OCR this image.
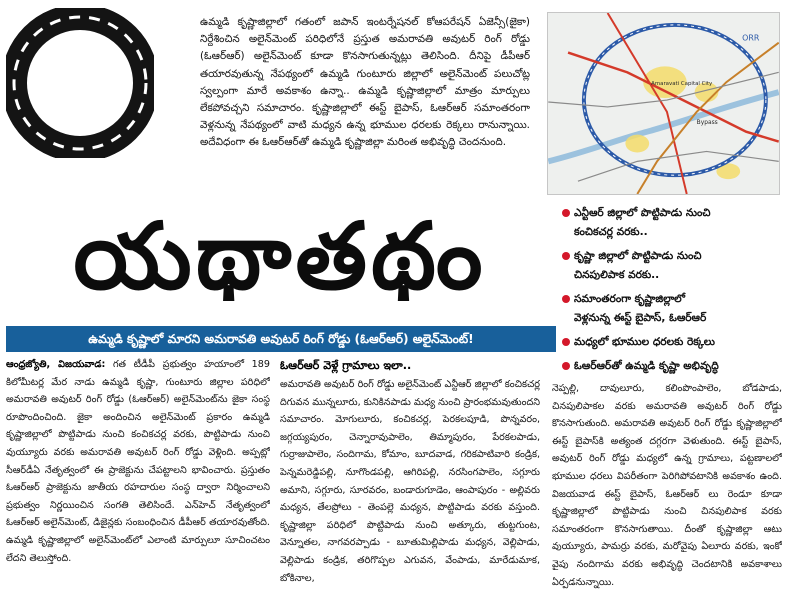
ఉమ్మడి కృష్ణాజిల్లాలో గతంలో జపాన్ ఇంటర్నేషనల్ కోఆపరేషన్ ఏజెన్సీ(జైకా) నిర్దేశించిన అలైన్‌మెంట్ పరిధిలోనే ప్రస్తుత అమరావతి అవుటర్ రింగ్ రోడ్డు (ఓఆర్ఆర్) అలైన్‌మెంట్ కూడా కొనసాగుతున్నట్లు తెలిసింది. దీనిపై డీపీఆర్ తయారవుతున్న నేపథ్యంలో ఉమ్మడి గుంటూరు జిల్లాలో అలైన్‌మెంట్ పలుచోట్ల స్వల్పంగా మారే అవకాశం ఉన్నా.. ఉమ్మడి కృష్ణాజిల్లాలో మాత్రం మార్పులు లేకపోవచ్చని సమాచారం. కృష్ణాజిల్లాలో ఈస్ట్ బైపాస్, ఓఆర్ఆర్ సమాంతరంగా వెళ్లనున్న నేపథ్యంలో వాటి మధ్యన ఉన్న భూముల ధరలకు రెక్కలు రానున్నాయి. అదేవిధంగా ఈ ఓఆర్ఆర్‌తో ఉమ్మడి కృష్ణాజిల్లా మరింత అభివృద్ధి చెందనుంది.
ORR
Amaravati Capital City
Bypass
యథాతథం	ఎన్టీఆర్ జిల్లాలో పొట్టిపాడు నుంచి
కంచికచర్ల వరకు..
కృష్ణా జిల్లాలో పొట్టిపాడు నుంచి
చినపులిపాక వరకు..
సమాంతరంగా కృష్ణాజిల్లాలో
వెళ్లనున్న ఈస్ట్ బైపాస్, ఓఆర్ఆర్
మధ్యలో భూముల ధరలకు రెక్కలు
ఓఆర్ఆర్‌తో ఉమ్మడి కృష్ణా అభివృద్ధి
ఉమ్మడి కృష్ణాలో మారని అమరావతి అవుటర్ రింగ్ రోడ్డు (ఓఆర్ఆర్) అలైన్‌మెంట్!
ఆంధ్రజ్యోతి, విజయవాడ: గత టీడీపీ ప్రభుత్వం హయాంలో 189 కిలోమీటర్ల మేర నాడు ఉమ్మడి కృష్ణా, గుంటూరు జిల్లాల పరిధిలో అమరావతి అవుటర్ రింగ్ రోడ్డు (ఓఆర్ఆర్) అలైన్‌మెంట్‌ను జైకా సంస్థ రూపొందించింది. జైకా అందించిన అలైన్‌మెంట్ ప్రకారం ఉమ్మడి కృష్ణాజిల్లాలో పొట్టిపాడు నుంచి కంచికచర్ల వరకు, పొట్టిపాడు నుంచి వుయ్యూరు వరకు అమరావతి అవుటర్ రింగ్ రోడ్డు వెళ్లింది. అప్పట్లో సీఆర్‌డీఏ నేతృత్వంలో ఈ ప్రాజెక్టును చేపట్టాలని భావించారు. ప్రస్తుతం ఓఆర్ఆర్ ప్రాజెక్టును జాతీయ రహదారుల సంస్థ ద్వారా నిర్మించాలని ప్రభుత్వం నిర్ణయించిన సంగతి తెలిసిందే. ఎన్‌హెచ్ నేతృత్వంలో ఓఆర్ఆర్ అలైన్‌మెంట్, డిజైన్లకు సంబంధించిన డీపీఆర్ తయారవుతోంది. ఉమ్మడి కృష్ణాజిల్లాలో అలైన్‌మెంట్‌లో ఎలాంటి మార్పులూ సూచించటం లేదని తెలుస్తోంది.
ఓఆర్ఆర్ వెళ్లే గ్రామాలు ఇలా..
అమరావతి అవుటర్ రింగ్ రోడ్డు అలైన్‌మెంట్ ఎన్టీఆర్ జిల్లాలో కంచికచర్ల దిగువన మున్నలూరు, కునికినపాడు మధ్య నుంచి ప్రారంభమవుతుందని సమాచారం. మోగులూరు, కంచికచర్ల, పెరకలపూడి, పొన్నవరం, జగ్గయ్యపురం, చెన్నారావుపాలెం, తిమ్మాపురం, పేరకలపాడు, గుర్రాజుపాలెం, సందిగామ, కోమాం, బూదవాడ, గరికపాటివారి కండ్రిక, పెన్నమరెడ్డిపల్లి, నూగొండపల్లి, ఆగిరిపల్లి, నరసింగపాలెం, సగ్గూరు అమాని, సగ్గూరు, సూరవరం, బండారుగూడెం, ఆంపాపురం - అల్లివరు మధ్యన, తేలప్రోలు - తెంపల్లె మధ్యన, పొట్టిపాడు వరకు వస్తుంది. కృష్ణాజిల్లా పరిధిలో పొట్టిపాడు నుంచి అత్కూరు, తుట్టగుంట, వెన్నూతల, నాగవరప్పాడు - బూతుమిల్లిపాడు మధ్యన, వెల్లిపాడు, వెల్లిపాడు కండ్రిక, తరిగొప్పల ఎగువన, వేంపాడు, మారేడుమాక, బోకినాల,
నెప్పల్లి, దావులూరు, కలింపొంపాలెం, బోడపాడు, చినపులిపాకల వరకు అమరావతి అవుటర్ రింగ్ రోడ్డు కొనసాగుతుంది. అమరావతి అవుటర్ రింగ్ రోడ్డు కృష్ణాజిల్లాలో ఈస్ట్ బైపాస్‌కి అత్యంత దగ్గరగా వెళుతుంది. ఈస్ట్ బైపాస్, అవుటర్ రింగ్ రోడ్డు మధ్యలో ఉన్న గ్రామాలు, పట్టణాలలో భూముల ధరలు విపరీతంగా పెరిగిపోవటానికి అవకాశం ఉంది. విజయవాడ ఈస్ట్ బైపాస్, ఓఆర్ఆర్ లు రెండూ కూడా కృష్ణాజిల్లాలో పొట్టిపాడు నుంచి చినపులిపాక వరకు సమాంతరంగా కొనసాగుతాయి. దీంతో కృష్ణాజిల్లా ఆటు వుయ్యూరు, పామర్రు వరకు, మరోవైపు ఏలూరు వరకు, ఇంకో వైపు నందిగామ వరకు అభివృద్ధి చెందటానికి అవకాశాలు ఏర్పడనున్నాయి.
